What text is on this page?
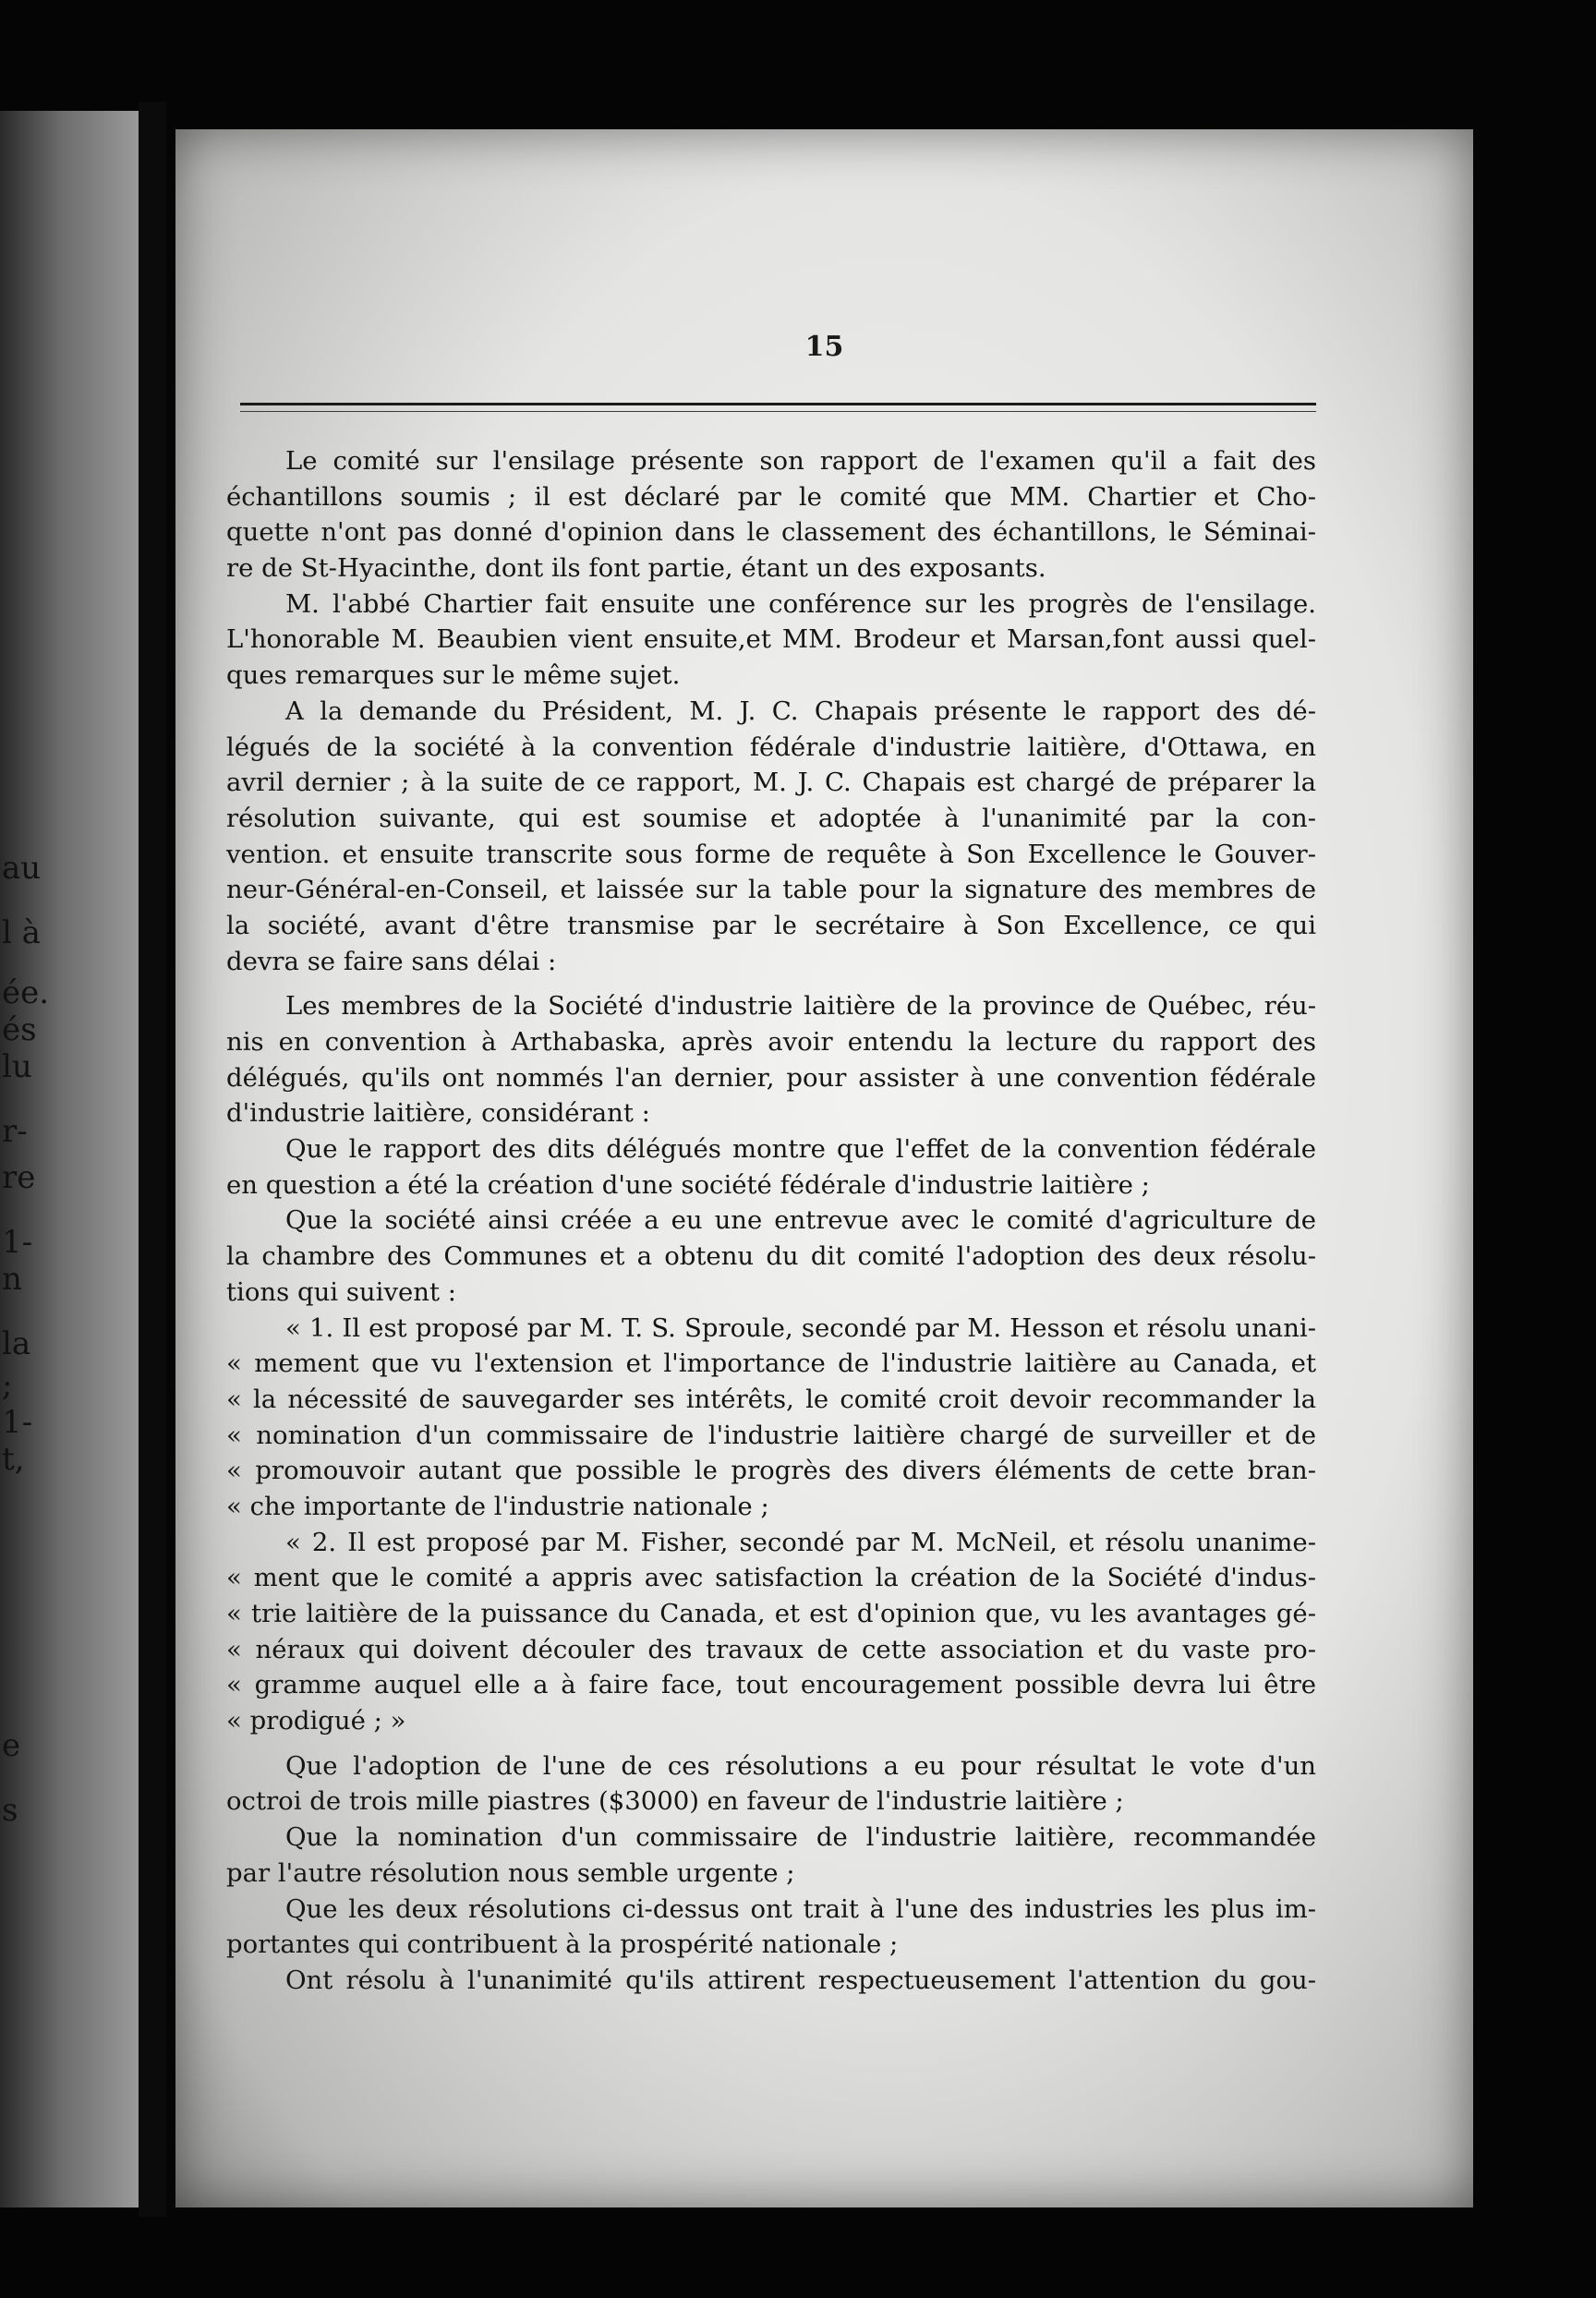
au
l à
ée.
és
lu
r-
re
1-
n
la
;
1-
t,
e
s
15
Le comité sur l'ensilage présente son rapport de l'examen qu'il a fait des
échantillons soumis ; il est déclaré par le comité que MM. Chartier et Cho-
quette n'ont pas donné d'opinion dans le classement des échantillons, le Séminai-
re de St-Hyacinthe, dont ils font partie, étant un des exposants.
M. l'abbé Chartier fait ensuite une conférence sur les progrès de l'ensilage.
L'honorable M. Beaubien vient ensuite,et MM. Brodeur et Marsan,font aussi quel-
ques remarques sur le même sujet.
A la demande du Président, M. J. C. Chapais présente le rapport des dé-
légués de la société à la convention fédérale d'industrie laitière, d'Ottawa, en
avril dernier ; à la suite de ce rapport, M. J. C. Chapais est chargé de préparer la
résolution suivante, qui est soumise et adoptée à l'unanimité par la con-
vention. et ensuite transcrite sous forme de requête à Son Excellence le Gouver-
neur-Général-en-Conseil, et laissée sur la table pour la signature des membres de
la société, avant d'être transmise par le secrétaire à Son Excellence, ce qui
devra se faire sans délai :
Les membres de la Société d'industrie laitière de la province de Québec, réu-
nis en convention à Arthabaska, après avoir entendu la lecture du rapport des
délégués, qu'ils ont nommés l'an dernier, pour assister à une convention fédérale
d'industrie laitière, considérant :
Que le rapport des dits délégués montre que l'effet de la convention fédérale
en question a été la création d'une société fédérale d'industrie laitière ;
Que la société ainsi créée a eu une entrevue avec le comité d'agriculture de
la chambre des Communes et a obtenu du dit comité l'adoption des deux résolu-
tions qui suivent :
« 1. Il est proposé par M. T. S. Sproule, secondé par M. Hesson et résolu unani-
« mement que vu l'extension et l'importance de l'industrie laitière au Canada, et
« la nécessité de sauvegarder ses intérêts, le comité croit devoir recommander la
« nomination d'un commissaire de l'industrie laitière chargé de surveiller et de
« promouvoir autant que possible le progrès des divers éléments de cette bran-
« che importante de l'industrie nationale ;
« 2. Il est proposé par M. Fisher, secondé par M. McNeil, et résolu unanime-
« ment que le comité a appris avec satisfaction la création de la Société d'indus-
« trie laitière de la puissance du Canada, et est d'opinion que, vu les avantages gé-
« néraux qui doivent découler des travaux de cette association et du vaste pro-
« gramme auquel elle a à faire face, tout encouragement possible devra lui être
« prodigué ; »
Que l'adoption de l'une de ces résolutions a eu pour résultat le vote d'un
octroi de trois mille piastres ($3000) en faveur de l'industrie laitière ;
Que la nomination d'un commissaire de l'industrie laitière, recommandée
par l'autre résolution nous semble urgente ;
Que les deux résolutions ci-dessus ont trait à l'une des industries les plus im-
portantes qui contribuent à la prospérité nationale ;
Ont résolu à l'unanimité qu'ils attirent respectueusement l'attention du gou-
